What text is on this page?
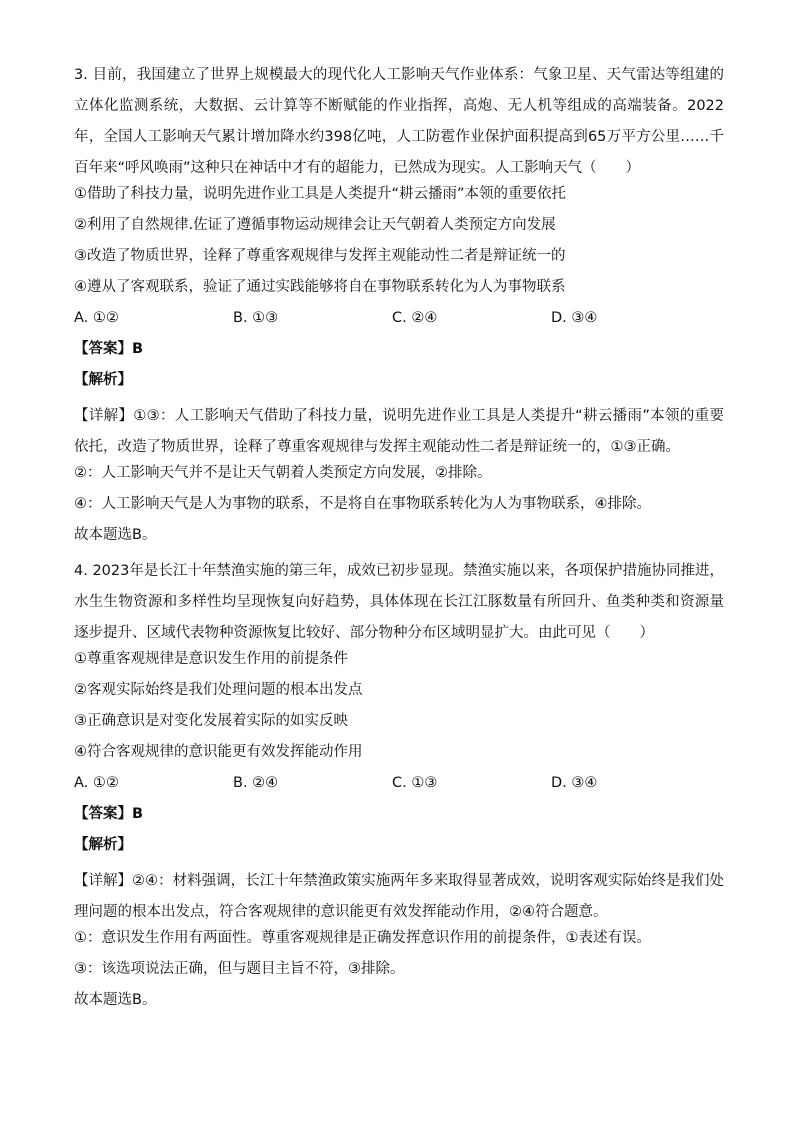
3. 目前，我国建立了世界上规模最大的现代化人工影响天气作业体系：气象卫星、天气雷达等组建的立体化监测系统，大数据、云计算等不断赋能的作业指挥，高炮、无人机等组成的高端装备。2022年，全国人工影响天气累计增加降水约398亿吨，人工防雹作业保护面积提高到65万平方公里……千百年来“呼风唤雨”这种只在神话中才有的超能力，已然成为现实。人工影响天气（　　）
①借助了科技力量，说明先进作业工具是人类提升“耕云播雨”本领的重要依托
②利用了自然规律.佐证了遵循事物运动规律会让天气朝着人类预定方向发展
③改造了物质世界，诠释了尊重客观规律与发挥主观能动性二者是辩证统一的
④遵从了客观联系，验证了通过实践能够将自在事物联系转化为人为事物联系
A. ①②	B. ①③	C. ②④	D. ③④
【答案】B
【解析】
【详解】①③：人工影响天气借助了科技力量，说明先进作业工具是人类提升“耕云播雨”本领的重要依托，改造了物质世界，诠释了尊重客观规律与发挥主观能动性二者是辩证统一的，①③正确。
②：人工影响天气并不是让天气朝着人类预定方向发展，②排除。
④：人工影响天气是人为事物的联系，不是将自在事物联系转化为人为事物联系，④排除。
故本题选B。
4. 2023年是长江十年禁渔实施的第三年，成效已初步显现。禁渔实施以来，各项保护措施协同推进，水生生物资源和多样性均呈现恢复向好趋势，具体体现在长江江豚数量有所回升、鱼类种类和资源量逐步提升、区域代表物种资源恢复比较好、部分物种分布区域明显扩大。由此可见（　　）
①尊重客观规律是意识发生作用的前提条件
②客观实际始终是我们处理问题的根本出发点
③正确意识是对变化发展着实际的如实反映
④符合客观规律的意识能更有效发挥能动作用
A. ①②	B. ②④	C. ①③	D. ③④
【答案】B
【解析】
【详解】②④：材料强调，长江十年禁渔政策实施两年多来取得显著成效，说明客观实际始终是我们处理问题的根本出发点，符合客观规律的意识能更有效发挥能动作用，②④符合题意。
①：意识发生作用有两面性。尊重客观规律是正确发挥意识作用的前提条件，①表述有误。
③：该选项说法正确，但与题目主旨不符，③排除。
故本题选B。
